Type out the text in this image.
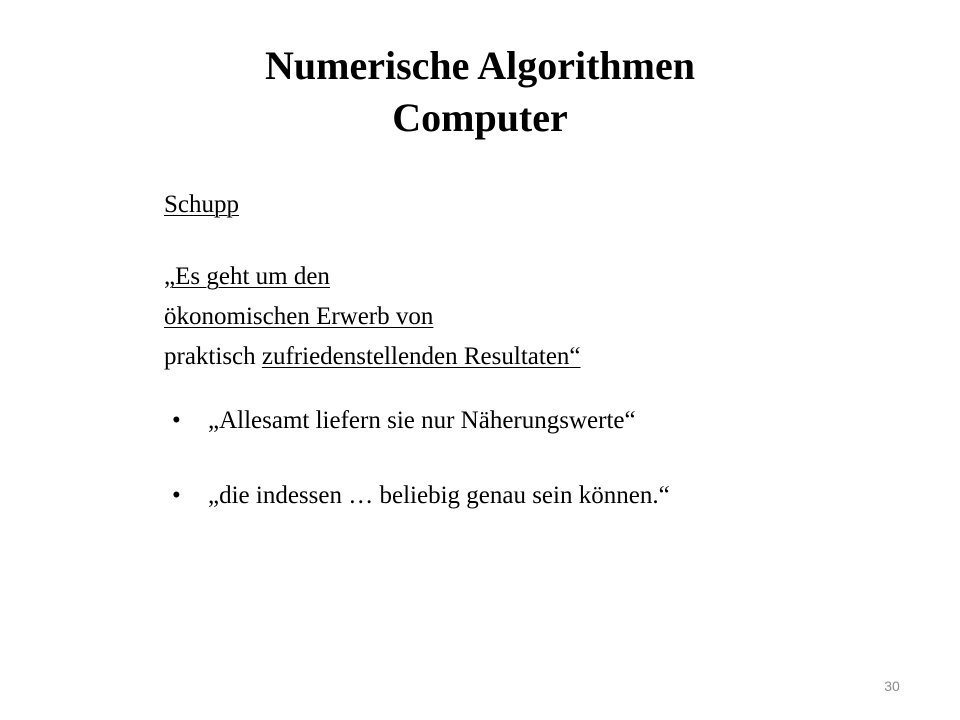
Numerische Algorithmen
Computer
Schupp
„Es geht um den
ökonomischen Erwerb von
praktisch zufriedenstellenden Resultaten“
• „Allesamt liefern sie nur Näherungswerte“
• „die indessen … beliebig genau sein können.“
30
